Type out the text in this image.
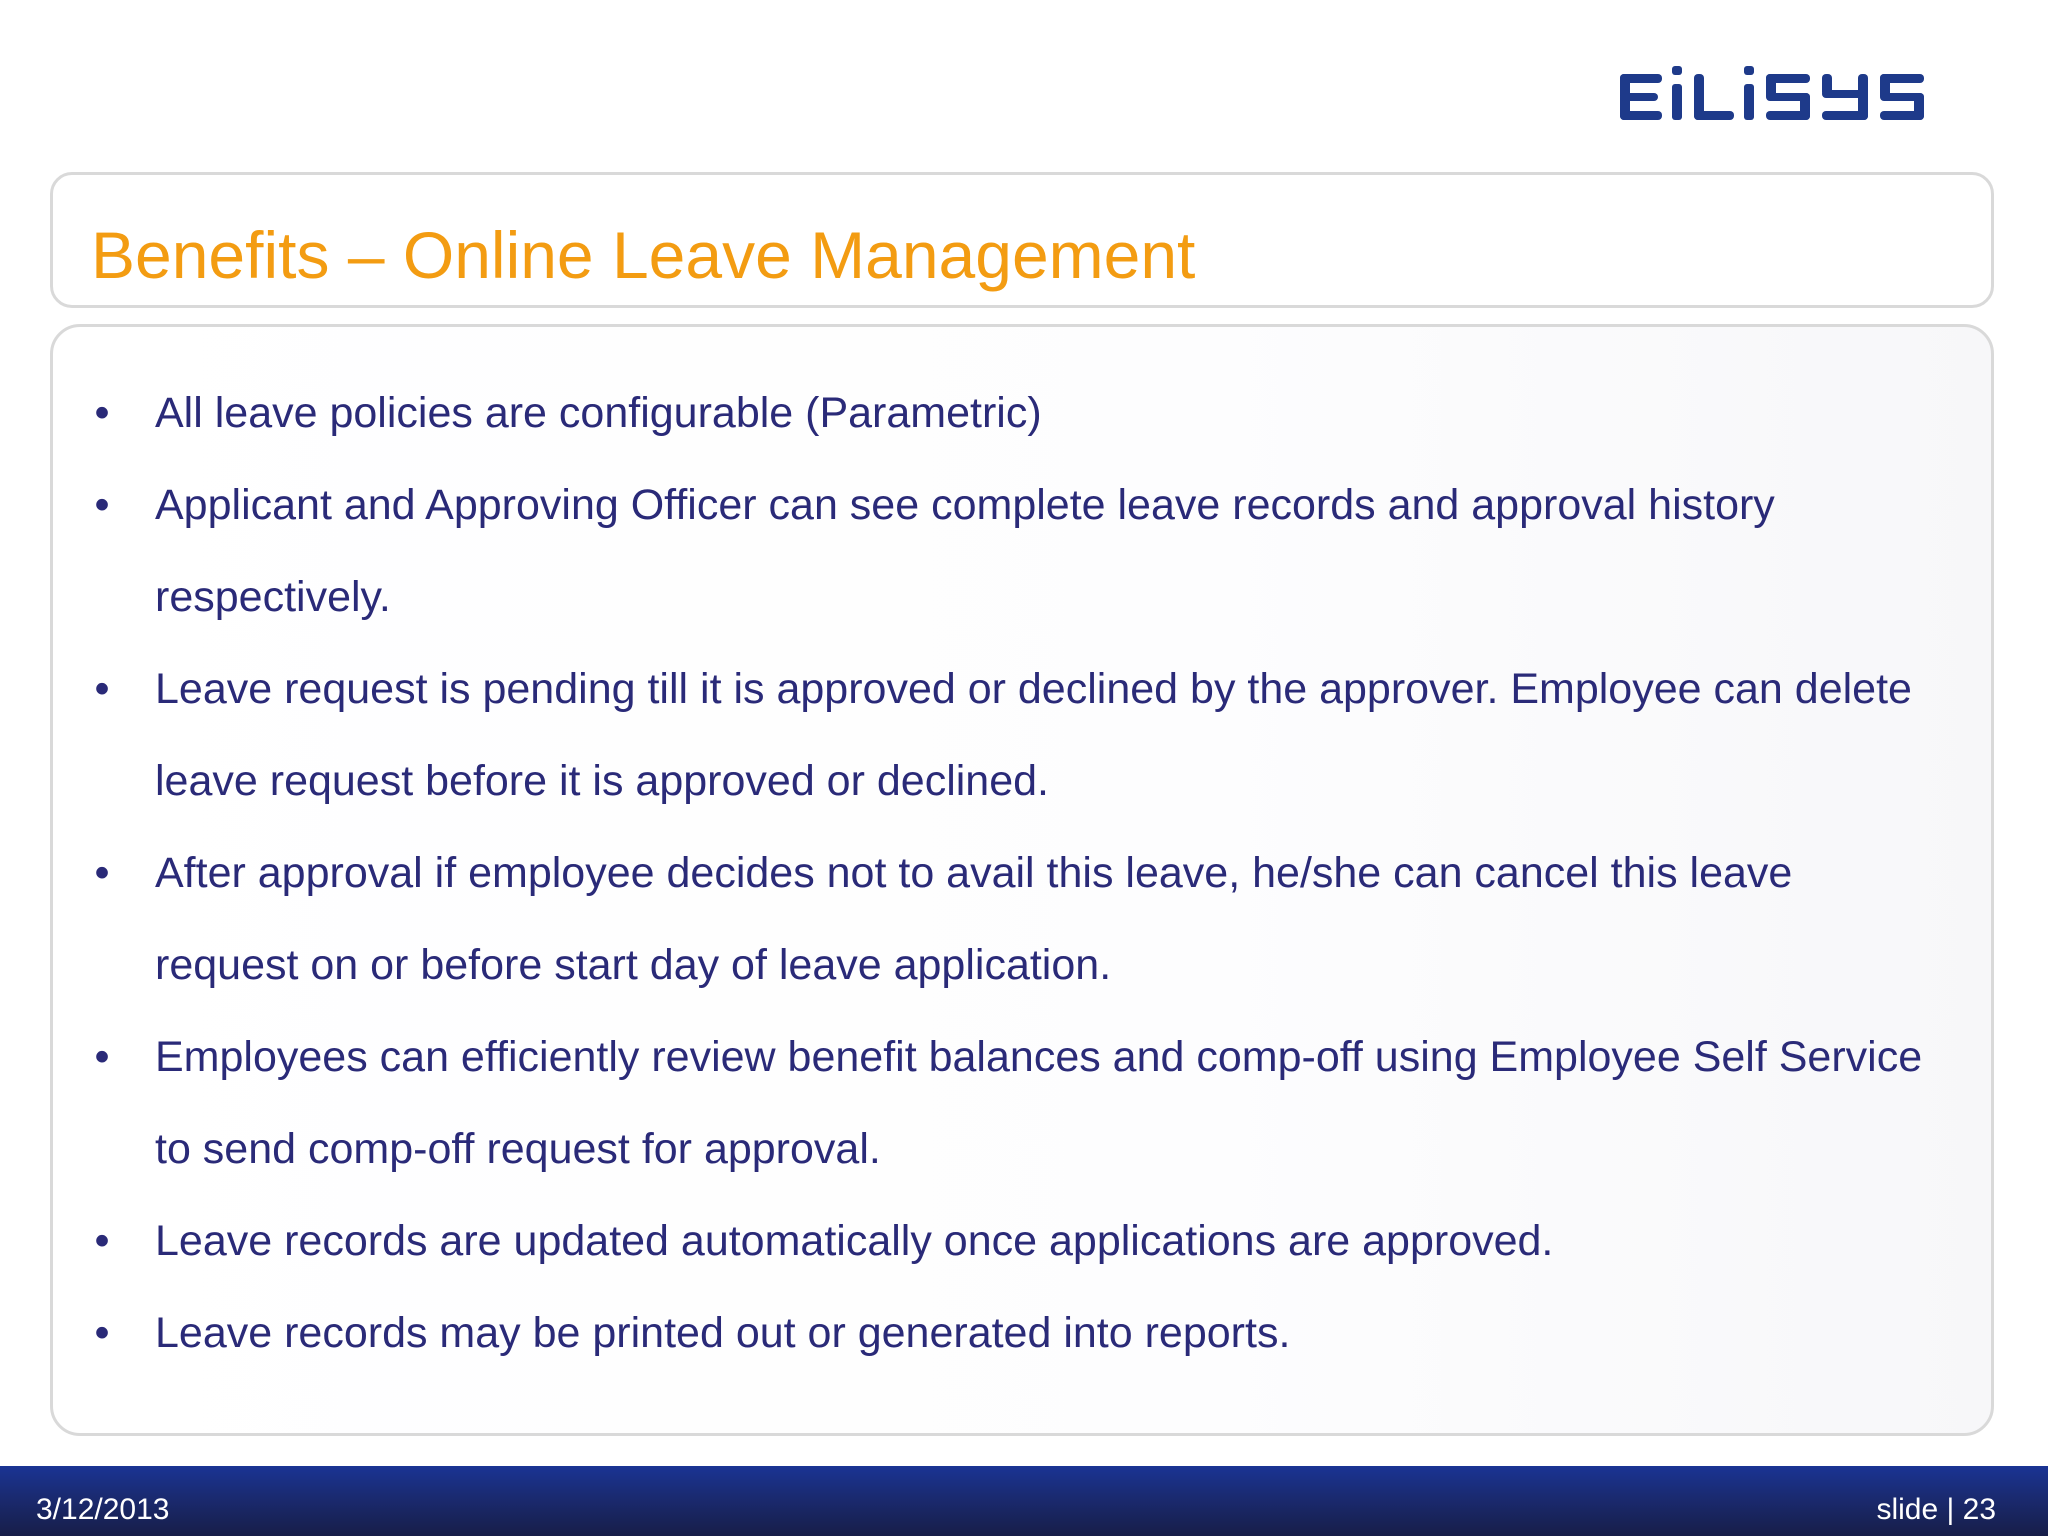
Benefits – Online Leave Management
• All leave policies are configurable (Parametric)
• Applicant and Approving Officer can see complete leave records and approval history respectively.
• Leave request is pending till it is approved or declined by the approver. Employee can delete leave request before it is approved or declined.
• After approval if employee decides not to avail this leave, he/she can cancel this leave request on or before start day of leave application.
• Employees can efficiently review benefit balances and comp-off using Employee Self Service to send comp-off request for approval.
• Leave records are updated automatically once applications are approved.
• Leave records may be printed out or generated into reports.
3/12/2013	slide | 23
